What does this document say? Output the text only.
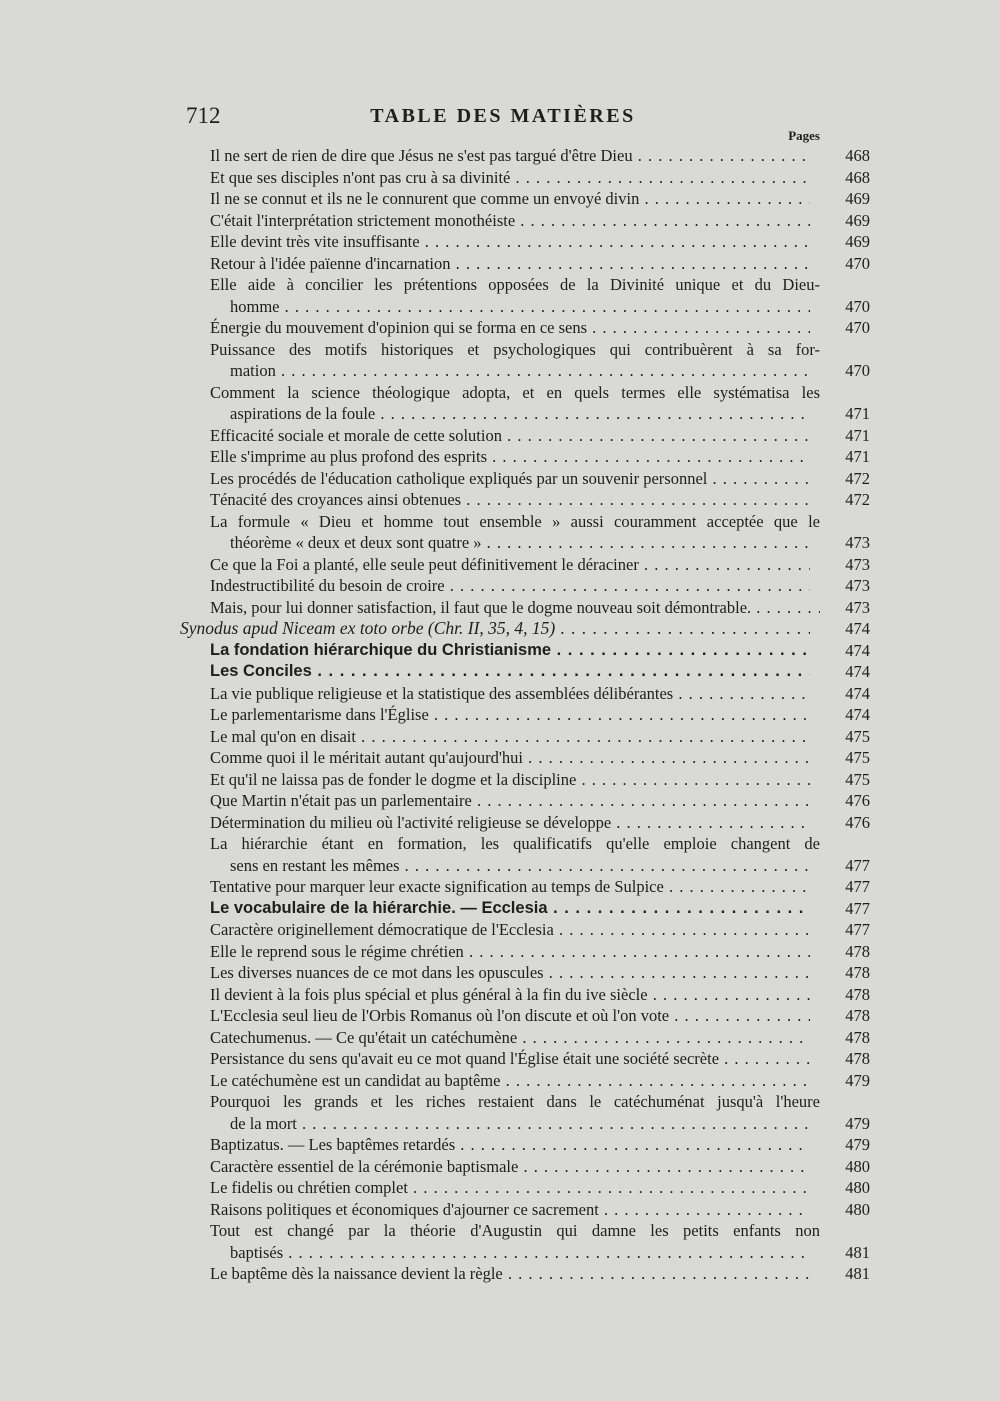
712	TABLE DES MATIÈRES
Pages
Il ne sert de rien de dire que Jésus ne s'est pas targué d'être Dieu . . .	468
Et que ses disciples n'ont pas cru à sa divinité . . .	468
Il ne se connut et ils ne le connurent que comme un envoyé divin . . .	469
C'était l'interprétation strictement monothéiste . . .	469
Elle devint très vite insuffisante . . .	469
Retour à l'idée païenne d'incarnation . . .	470
Elle aide à concilier les prétentions opposées de la Divinité unique et du Dieu-
homme . . .	470
Énergie du mouvement d'opinion qui se forma en ce sens . . .	470
Puissance des motifs historiques et psychologiques qui contribuèrent à sa for-
mation . . .	470
Comment la science théologique adopta, et en quels termes elle systématisa les
aspirations de la foule . . .	471
Efficacité sociale et morale de cette solution . . .	471
Elle s'imprime au plus profond des esprits . . .	471
Les procédés de l'éducation catholique expliqués par un souvenir personnel . . .	472
Ténacité des croyances ainsi obtenues . . .	472
La formule « Dieu et homme tout ensemble » aussi couramment acceptée que le
théorème « deux et deux sont quatre » . . .	473
Ce que la Foi a planté, elle seule peut définitivement le déraciner . . .	473
Indestructibilité du besoin de croire . . .	473
Mais, pour lui donner satisfaction, il faut que le dogme nouveau soit démontrable. . . .	473
Synodus apud Niceam ex toto orbe (Chr. II, 35, 4, 15) . . .	474
La fondation hiérarchique du Christianisme . . .	474
Les Conciles . . .	474
La vie publique religieuse et la statistique des assemblées délibérantes . . .	474
Le parlementarisme dans l'Église . . .	474
Le mal qu'on en disait . . .	475
Comme quoi il le méritait autant qu'aujourd'hui . . .	475
Et qu'il ne laissa pas de fonder le dogme et la discipline . . .	475
Que Martin n'était pas un parlementaire . . .	476
Détermination du milieu où l'activité religieuse se développe . . .	476
La hiérarchie étant en formation, les qualificatifs qu'elle emploie changent de
sens en restant les mêmes . . .	477
Tentative pour marquer leur exacte signification au temps de Sulpice . . .	477
Le vocabulaire de la hiérarchie. — Ecclesia . . .	477
Caractère originellement démocratique de l'Ecclesia . . .	477
Elle le reprend sous le régime chrétien . . .	478
Les diverses nuances de ce mot dans les opuscules . . .	478
Il devient à la fois plus spécial et plus général à la fin du ive siècle . . .	478
L'Ecclesia seul lieu de l'Orbis Romanus où l'on discute et où l'on vote . . .	478
Catechumenus. — Ce qu'était un catéchumène . . .	478
Persistance du sens qu'avait eu ce mot quand l'Église était une société secrète . . .	478
Le catéchumène est un candidat au baptême . . .	479
Pourquoi les grands et les riches restaient dans le catéchuménat jusqu'à l'heure
de la mort . . .	479
Baptizatus. — Les baptêmes retardés . . .	479
Caractère essentiel de la cérémonie baptismale . . .	480
Le fidelis ou chrétien complet . . .	480
Raisons politiques et économiques d'ajourner ce sacrement . . .	480
Tout est changé par la théorie d'Augustin qui damne les petits enfants non
baptisés . . .	481
Le baptême dès la naissance devient la règle . . .	481
